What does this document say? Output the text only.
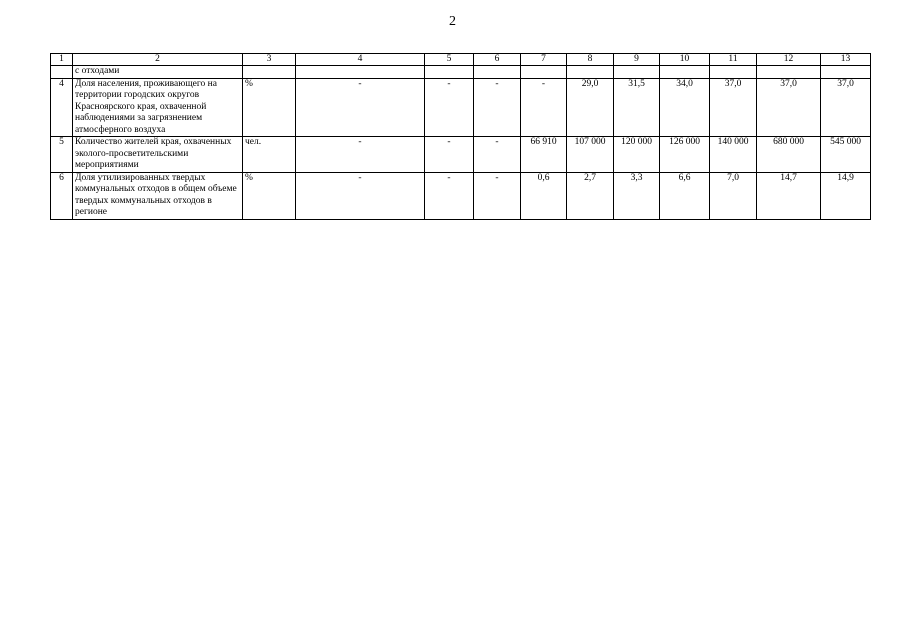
2
1	2	3	4	5	6	7	8	9	10	11	12	13
	с отходами											
4	Доля населения, проживающего на территории городских округов Красноярского края, охваченной наблюдениями за загрязнением атмосферного воздуха	%	-	-	-	-	29,0	31,5	34,0	37,0	37,0	37,0
5	Количество жителей края, охваченных эколого-просветительскими мероприятиями	чел.	-	-	-	66 910	107 000	120 000	126 000	140 000	680 000	545 000
6	Доля утилизированных твердых коммунальных отходов в общем объеме твердых коммунальных отходов в регионе	%	-	-	-	0,6	2,7	3,3	6,6	7,0	14,7	14,9
